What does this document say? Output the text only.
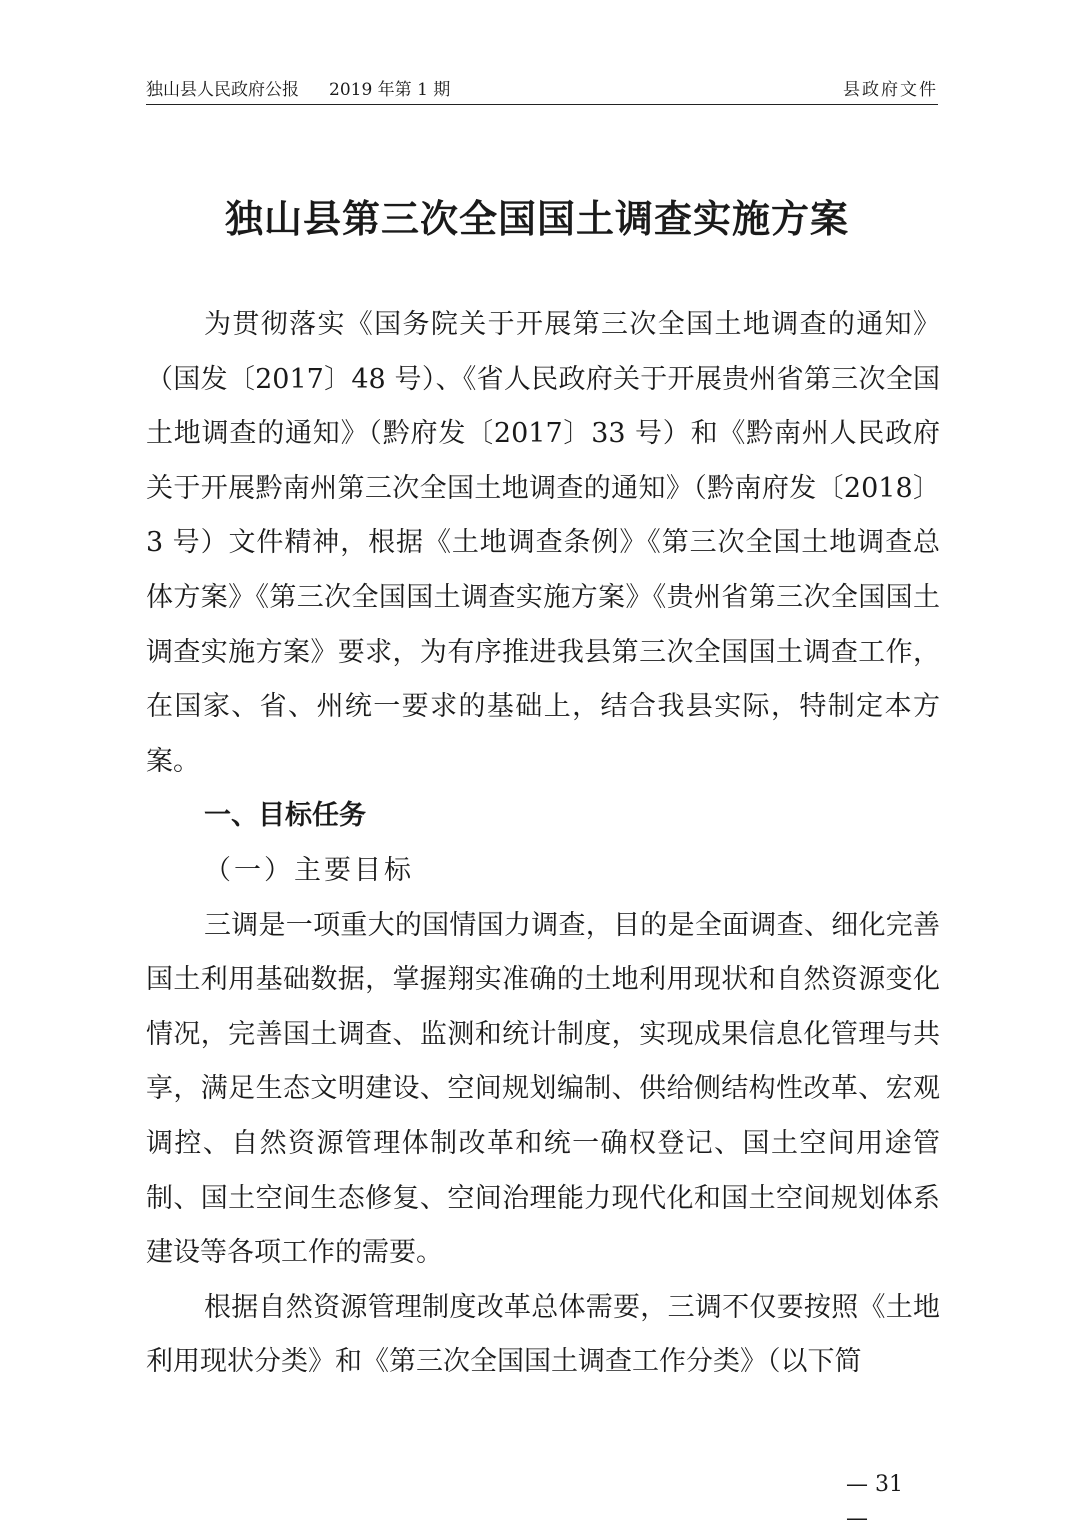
独山县人民政府公报 2019 年第 1 期	县政府文件
独山县第三次全国国土调查实施方案

为贯彻落实《国务院关于开展第三次全国土地调查的通知》（国发〔2017〕48 号）、《省人民政府关于开展贵州省第三次全国土地调查的通知》（黔府发〔2017〕33 号）和《黔南州人民政府关于开展黔南州第三次全国土地调查的通知》（黔南府发〔2018〕3 号）文件精神，根据《土地调查条例》《第三次全国土地调查总体方案》《第三次全国国土调查实施方案》《贵州省第三次全国国土调查实施方案》要求，为有序推进我县第三次全国国土调查工作，在国家、省、州统一要求的基础上，结合我县实际，特制定本方案。

一、目标任务

（一）主要目标

三调是一项重大的国情国力调查，目的是全面调查、细化完善国土利用基础数据，掌握翔实准确的土地利用现状和自然资源变化情况，完善国土调查、监测和统计制度，实现成果信息化管理与共享，满足生态文明建设、空间规划编制、供给侧结构性改革、宏观调控、自然资源管理体制改革和统一确权登记、国土空间用途管制、国土空间生态修复、空间治理能力现代化和国土空间规划体系建设等各项工作的需要。

根据自然资源管理制度改革总体需要，三调不仅要按照《土地利用现状分类》和《第三次全国国土调查工作分类》（以下简

— 31
—
